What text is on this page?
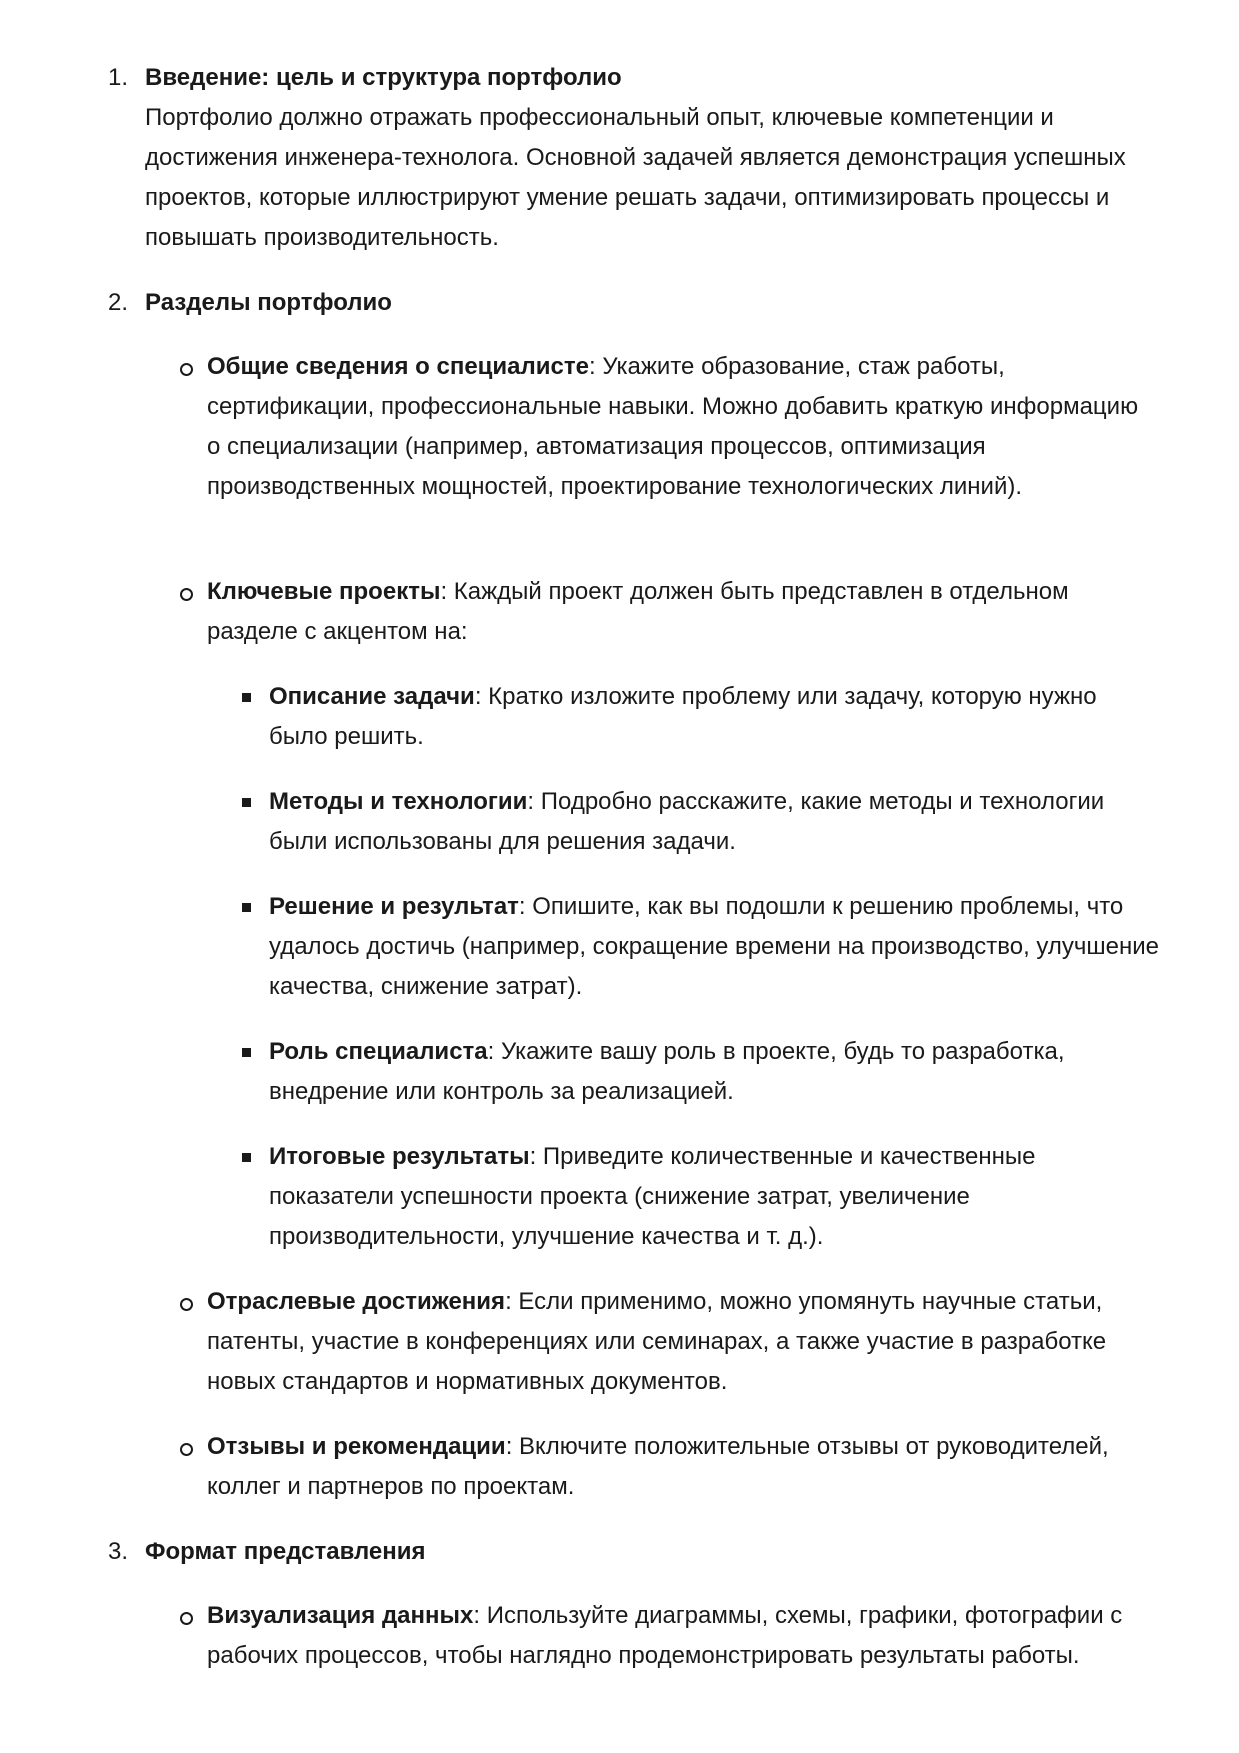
1. Введение: цель и структура портфолио

Портфолио должно отражать профессиональный опыт, ключевые компетенции и достижения инженера-технолога. Основной задачей является демонстрация успешных проектов, которые иллюстрируют умение решать задачи, оптимизировать процессы и повышать производительность.

2. Разделы портфолио

Общие сведения о специалисте: Укажите образование, стаж работы, сертификации, профессиональные навыки. Можно добавить краткую информацию о специализации (например, автоматизация процессов, оптимизация производственных мощностей, проектирование технологических линий).

Ключевые проекты: Каждый проект должен быть представлен в отдельном разделе с акцентом на:

Описание задачи: Кратко изложите проблему или задачу, которую нужно было решить.

Методы и технологии: Подробно расскажите, какие методы и технологии были использованы для решения задачи.

Решение и результат: Опишите, как вы подошли к решению проблемы, что удалось достичь (например, сокращение времени на производство, улучшение качества, снижение затрат).

Роль специалиста: Укажите вашу роль в проекте, будь то разработка, внедрение или контроль за реализацией.

Итоговые результаты: Приведите количественные и качественные показатели успешности проекта (снижение затрат, увеличение производительности, улучшение качества и т. д.).

Отраслевые достижения: Если применимо, можно упомянуть научные статьи, патенты, участие в конференциях или семинарах, а также участие в разработке новых стандартов и нормативных документов.

Отзывы и рекомендации: Включите положительные отзывы от руководителей, коллег и партнеров по проектам.

3. Формат представления

Визуализация данных: Используйте диаграммы, схемы, графики, фотографии с рабочих процессов, чтобы наглядно продемонстрировать результаты работы.
